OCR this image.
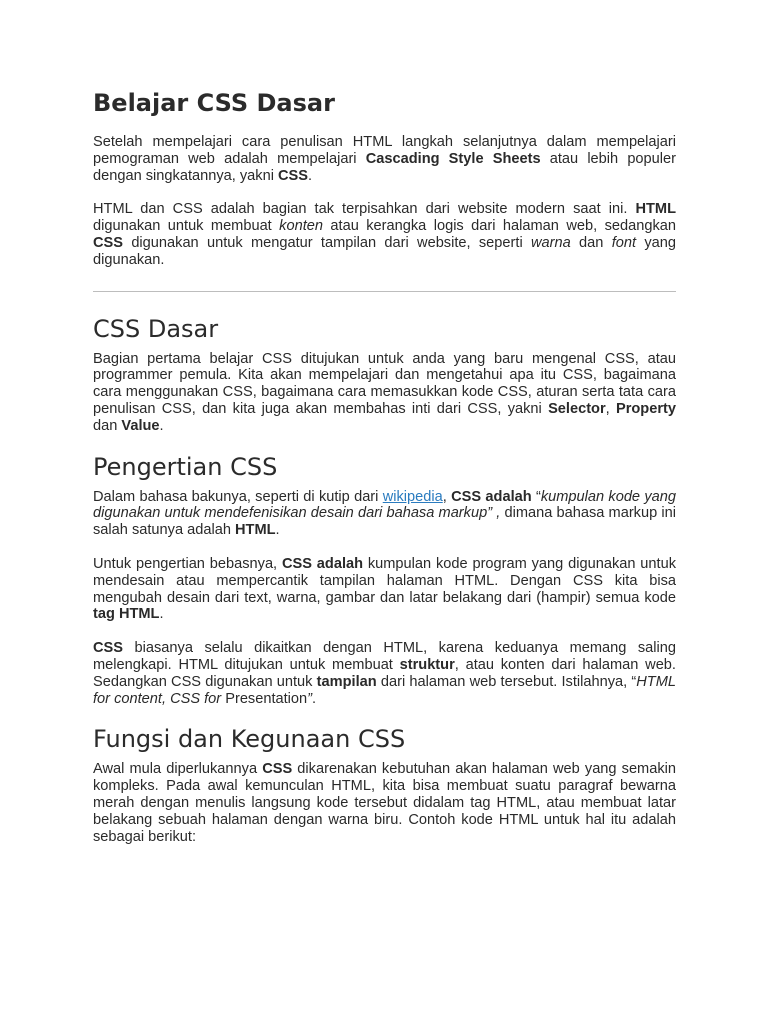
Belajar CSS Dasar

Setelah mempelajari cara penulisan HTML langkah selanjutnya dalam mempelajari pemograman web adalah mempelajari Cascading Style Sheets atau lebih populer dengan singkatannya, yakni CSS.

HTML dan CSS adalah bagian tak terpisahkan dari website modern saat ini. HTML digunakan untuk membuat konten atau kerangka logis dari halaman web, sedangkan CSS digunakan untuk mengatur tampilan dari website, seperti warna dan font yang digunakan.

CSS Dasar

Bagian pertama belajar CSS ditujukan untuk anda yang baru mengenal CSS, atau programmer pemula. Kita akan mempelajari dan mengetahui apa itu CSS, bagaimana cara menggunakan CSS, bagaimana cara memasukkan kode CSS, aturan serta tata cara penulisan CSS, dan kita juga akan membahas inti dari CSS, yakni Selector, Property dan Value.

Pengertian CSS

Dalam bahasa bakunya, seperti di kutip dari wikipedia, CSS adalah “kumpulan kode yang digunakan untuk mendefenisikan desain dari bahasa markup” , dimana bahasa markup ini salah satunya adalah HTML.

Untuk pengertian bebasnya, CSS adalah kumpulan kode program yang digunakan untuk mendesain atau mempercantik tampilan halaman HTML. Dengan CSS kita bisa mengubah desain dari text, warna, gambar dan latar belakang dari (hampir) semua kode tag HTML.

CSS biasanya selalu dikaitkan dengan HTML, karena keduanya memang saling melengkapi. HTML ditujukan untuk membuat struktur, atau konten dari halaman web. Sedangkan CSS digunakan untuk tampilan dari halaman web tersebut. Istilahnya, “HTML for content, CSS for Presentation”.

Fungsi dan Kegunaan CSS

Awal mula diperlukannya CSS dikarenakan kebutuhan akan halaman web yang semakin kompleks. Pada awal kemunculan HTML, kita bisa membuat suatu paragraf bewarna merah dengan menulis langsung kode tersebut didalam tag HTML, atau membuat latar belakang sebuah halaman dengan warna biru. Contoh kode HTML untuk hal itu adalah sebagai berikut:
